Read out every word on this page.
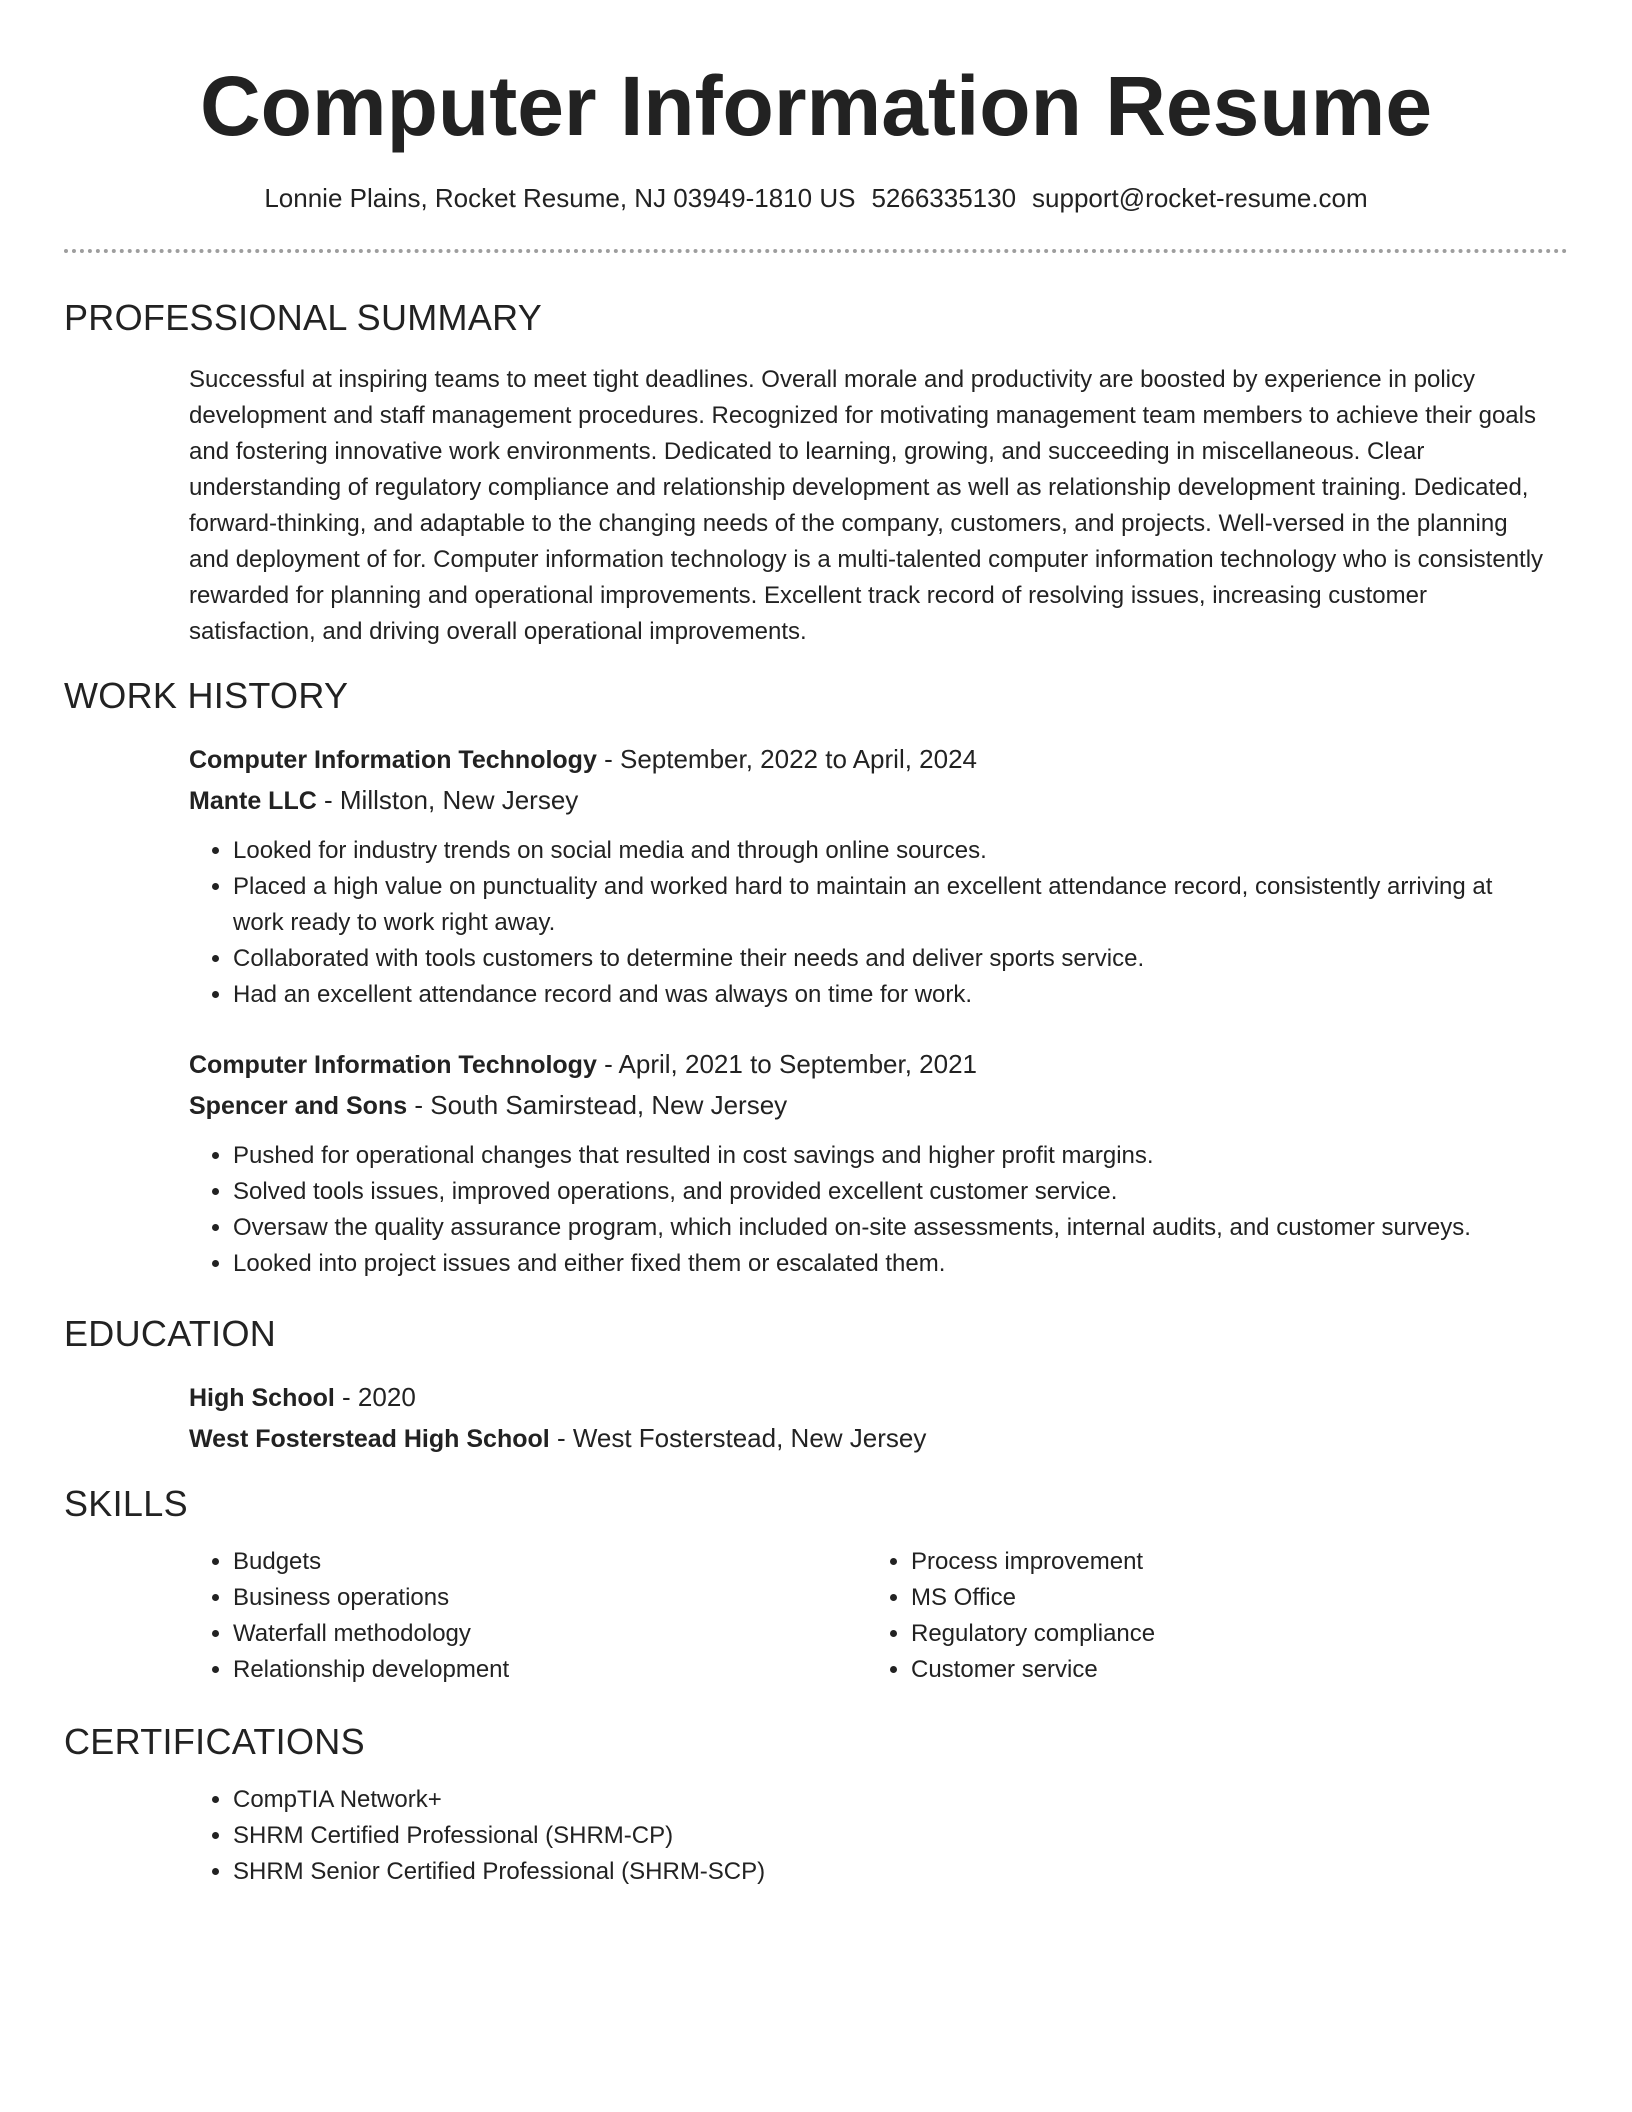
Computer Information Resume
Lonnie Plains, Rocket Resume, NJ 03949-1810 US 5266335130 support@rocket-resume.com
PROFESSIONAL SUMMARY

Successful at inspiring teams to meet tight deadlines. Overall morale and productivity are boosted by experience in policy development and staff management procedures. Recognized for motivating management team members to achieve their goals and fostering innovative work environments. Dedicated to learning, growing, and succeeding in miscellaneous. Clear understanding of regulatory compliance and relationship development as well as relationship development training. Dedicated, forward-thinking, and adaptable to the changing needs of the company, customers, and projects. Well-versed in the planning and deployment of for. Computer information technology is a multi-talented computer information technology who is consistently rewarded for planning and operational improvements. Excellent track record of resolving issues, increasing customer satisfaction, and driving overall operational improvements.

WORK HISTORY

Computer Information Technology - September, 2022 to April, 2024

Mante LLC - Millston, New Jersey

• Looked for industry trends on social media and through online sources.
• Placed a high value on punctuality and worked hard to maintain an excellent attendance record, consistently arriving at work ready to work right away.
• Collaborated with tools customers to determine their needs and deliver sports service.
• Had an excellent attendance record and was always on time for work.

Computer Information Technology - April, 2021 to September, 2021

Spencer and Sons - South Samirstead, New Jersey

• Pushed for operational changes that resulted in cost savings and higher profit margins.
• Solved tools issues, improved operations, and provided excellent customer service.
• Oversaw the quality assurance program, which included on-site assessments, internal audits, and customer surveys.
• Looked into project issues and either fixed them or escalated them.
EDUCATION

High School - 2020

West Fosterstead High School - West Fosterstead, New Jersey

SKILLS
• Budgets
• Business operations
• Waterfall methodology
• Relationship development
• Process improvement
• MS Office
• Regulatory compliance
• Customer service
CERTIFICATIONS
• CompTIA Network+
• SHRM Certified Professional (SHRM-CP)
• SHRM Senior Certified Professional (SHRM-SCP)
